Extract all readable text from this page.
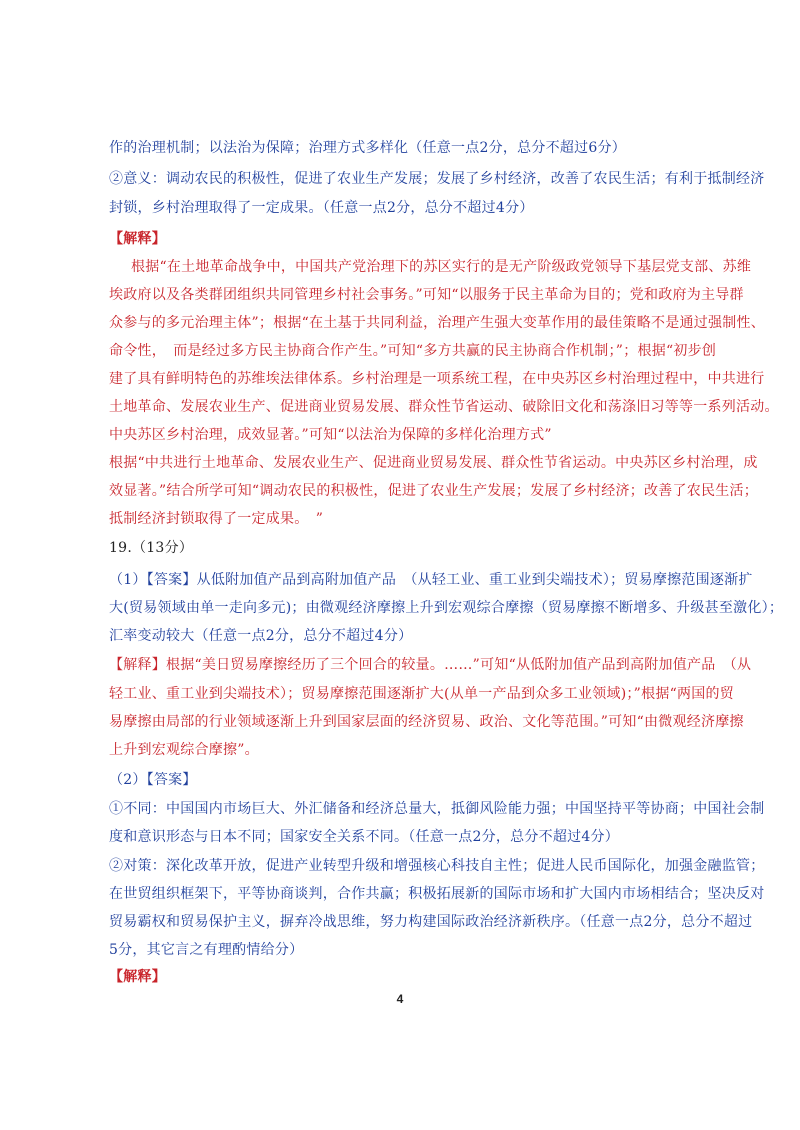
作的治理机制；以法治为保障；治理方式多样化（任意一点2分，总分不超过6分）

②意义：调动农民的积极性，促进了农业生产发展；发展了乡村经济，改善了农民生活；有利于抵制经济

封锁，乡村治理取得了一定成果。（任意一点2分，总分不超过4分）

【解释】

根据“在土地革命战争中，中国共产党治理下的苏区实行的是无产阶级政党领导下基层党支部、苏维

埃政府以及各类群团组织共同管理乡村社会事务。”可知“以服务于民主革命为目的；党和政府为主导群

众参与的多元治理主体”；根据“在土基于共同利益，治理产生强大变革作用的最佳策略不是通过强制性、

命令性，　而是经过多方民主协商合作产生。”可知“多方共赢的民主协商合作机制；”；根据“初步创

建了具有鲜明特色的苏维埃法律体系。乡村治理是一项系统工程，在中央苏区乡村治理过程中，中共进行

土地革命、发展农业生产、促进商业贸易发展、群众性节省运动、破除旧文化和荡涤旧习等等一系列活动。

中央苏区乡村治理，成效显著。”可知“以法治为保障的多样化治理方式”

根据“中共进行土地革命、发展农业生产、促进商业贸易发展、群众性节省运动。中央苏区乡村治理，成

效显著。”结合所学可知“调动农民的积极性，促进了农业生产发展；发展了乡村经济；改善了农民生活；

抵制经济封锁取得了一定成果。　”

19.（13分）

（1）【答案】从低附加值产品到高附加值产品　（从轻工业、重工业到尖端技术）；贸易摩擦范围逐渐扩

大(贸易领域由单一走向多元)；由微观经济摩擦上升到宏观综合摩擦（贸易摩擦不断增多、升级甚至激化）；

汇率变动较大（任意一点2分，总分不超过4分）

【解释】根据“美日贸易摩擦经历了三个回合的较量。……”可知“从低附加值产品到高附加值产品　（从

轻工业、重工业到尖端技术）；贸易摩擦范围逐渐扩大(从单一产品到众多工业领域)；”根据“两国的贸

易摩擦由局部的行业领域逐渐上升到国家层面的经济贸易、政治、文化等范围。”可知“由微观经济摩擦

上升到宏观综合摩擦”。

（2）【答案】

①不同：中国国内市场巨大、外汇储备和经济总量大，抵御风险能力强；中国坚持平等协商；中国社会制

度和意识形态与日本不同；国家安全关系不同。（任意一点2分，总分不超过4分）

②对策：深化改革开放，促进产业转型升级和增强核心科技自主性；促进人民币国际化，加强金融监管；

在世贸组织框架下，平等协商谈判，合作共赢；积极拓展新的国际市场和扩大国内市场相结合；坚决反对

贸易霸权和贸易保护主义，摒弃冷战思维，努力构建国际政治经济新秩序。（任意一点2分，总分不超过

5分，其它言之有理酌情给分）

【解释】

4
